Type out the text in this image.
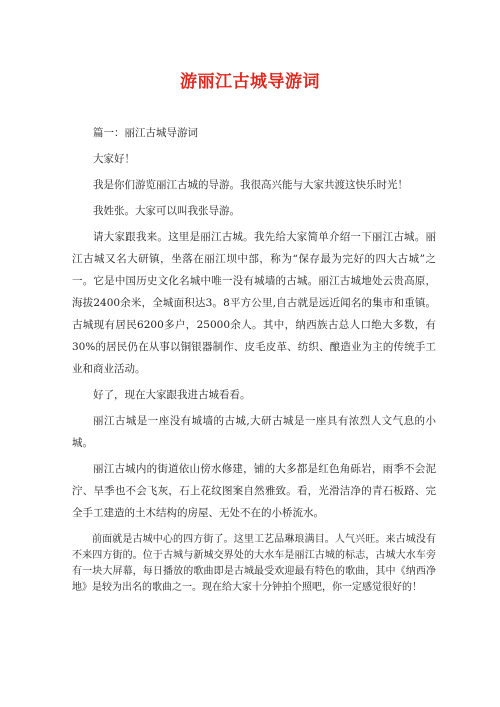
游丽江古城导游词

篇一：丽江古城导游词

大家好！

我是你们游览丽江古城的导游。我很高兴能与大家共渡这快乐时光！

我姓张。大家可以叫我张导游。

请大家跟我来。这里是丽江古城。我先给大家简单介绍一下丽江古城。丽江古城又名大研镇，坐落在丽江坝中部，称为“保存最为完好的四大古城”之一。它是中国历史文化名城中唯一没有城墙的古城。丽江古城地处云贵高原，海拔2400余米，全城面积达3。8平方公里,自古就是远近闻名的集市和重镇。古城现有居民6200多户，25000余人。其中，纳西族古总人口绝大多数，有30%的居民仍在从事以铜银器制作、皮毛皮革、纺织、酿造业为主的传统手工业和商业活动。

好了，现在大家跟我进古城看看。

丽江古城是一座没有城墙的古城,大研古城是一座具有浓烈人文气息的小城。

丽江古城内的街道依山傍水修建，铺的大多都是红色角砾岩，雨季不会泥泞、旱季也不会飞灰，石上花纹图案自然雅致。看，光滑洁净的青石板路、完全手工建造的土木结构的房屋、无处不在的小桥流水。

前面就是古城中心的四方街了。这里工艺品琳琅满目。人气兴旺。来古城没有不来四方街的。位于古城与新城交界处的大水车是丽江古城的标志，古城大水车旁有一块大屏幕，每日播放的歌曲即是古城最受欢迎最有特色的歌曲，其中《纳西净地》是较为出名的歌曲之一。现在给大家十分钟拍个照吧，你一定感觉很好的！
